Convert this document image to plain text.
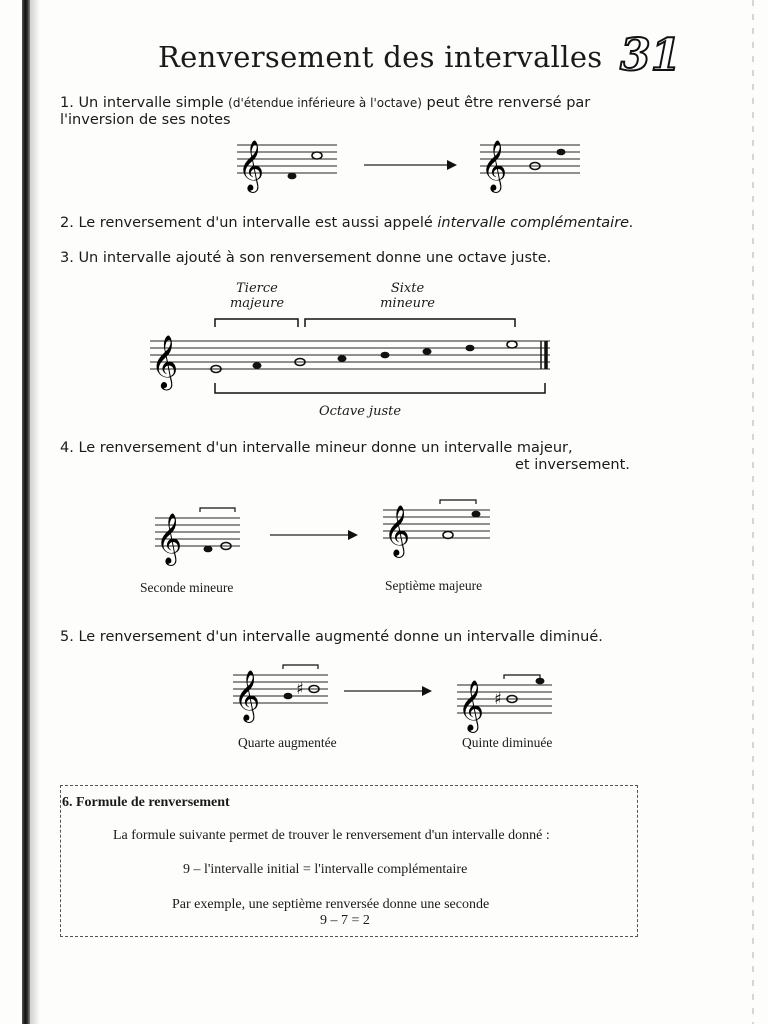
Renversement des intervalles 31
1. Un intervalle simple (d'étendue inférieure à l'octave) peut être renversé par
l'inversion de ses notes
𝄞	𝄞
2. Le renversement d'un intervalle est aussi appelé intervalle complémentaire.
3. Un intervalle ajouté à son renversement donne une octave juste.
Tierce
majeure
Sixte
mineure
𝄞
Octave juste
4. Le renversement d'un intervalle mineur donne un intervalle majeur,
et inversement.
𝄞	𝄞
Seconde mineure	Septième majeure
5. Le renversement d'un intervalle augmenté donne un intervalle diminué.
𝄞 ♯	𝄞 ♯
Quarte augmentée	Quinte diminuée
6. Formule de renversement
La formule suivante permet de trouver le renversement d'un intervalle donné :
9 – l'intervalle initial = l'intervalle complémentaire
Par exemple, une septième renversée donne une seconde
9 – 7 = 2
